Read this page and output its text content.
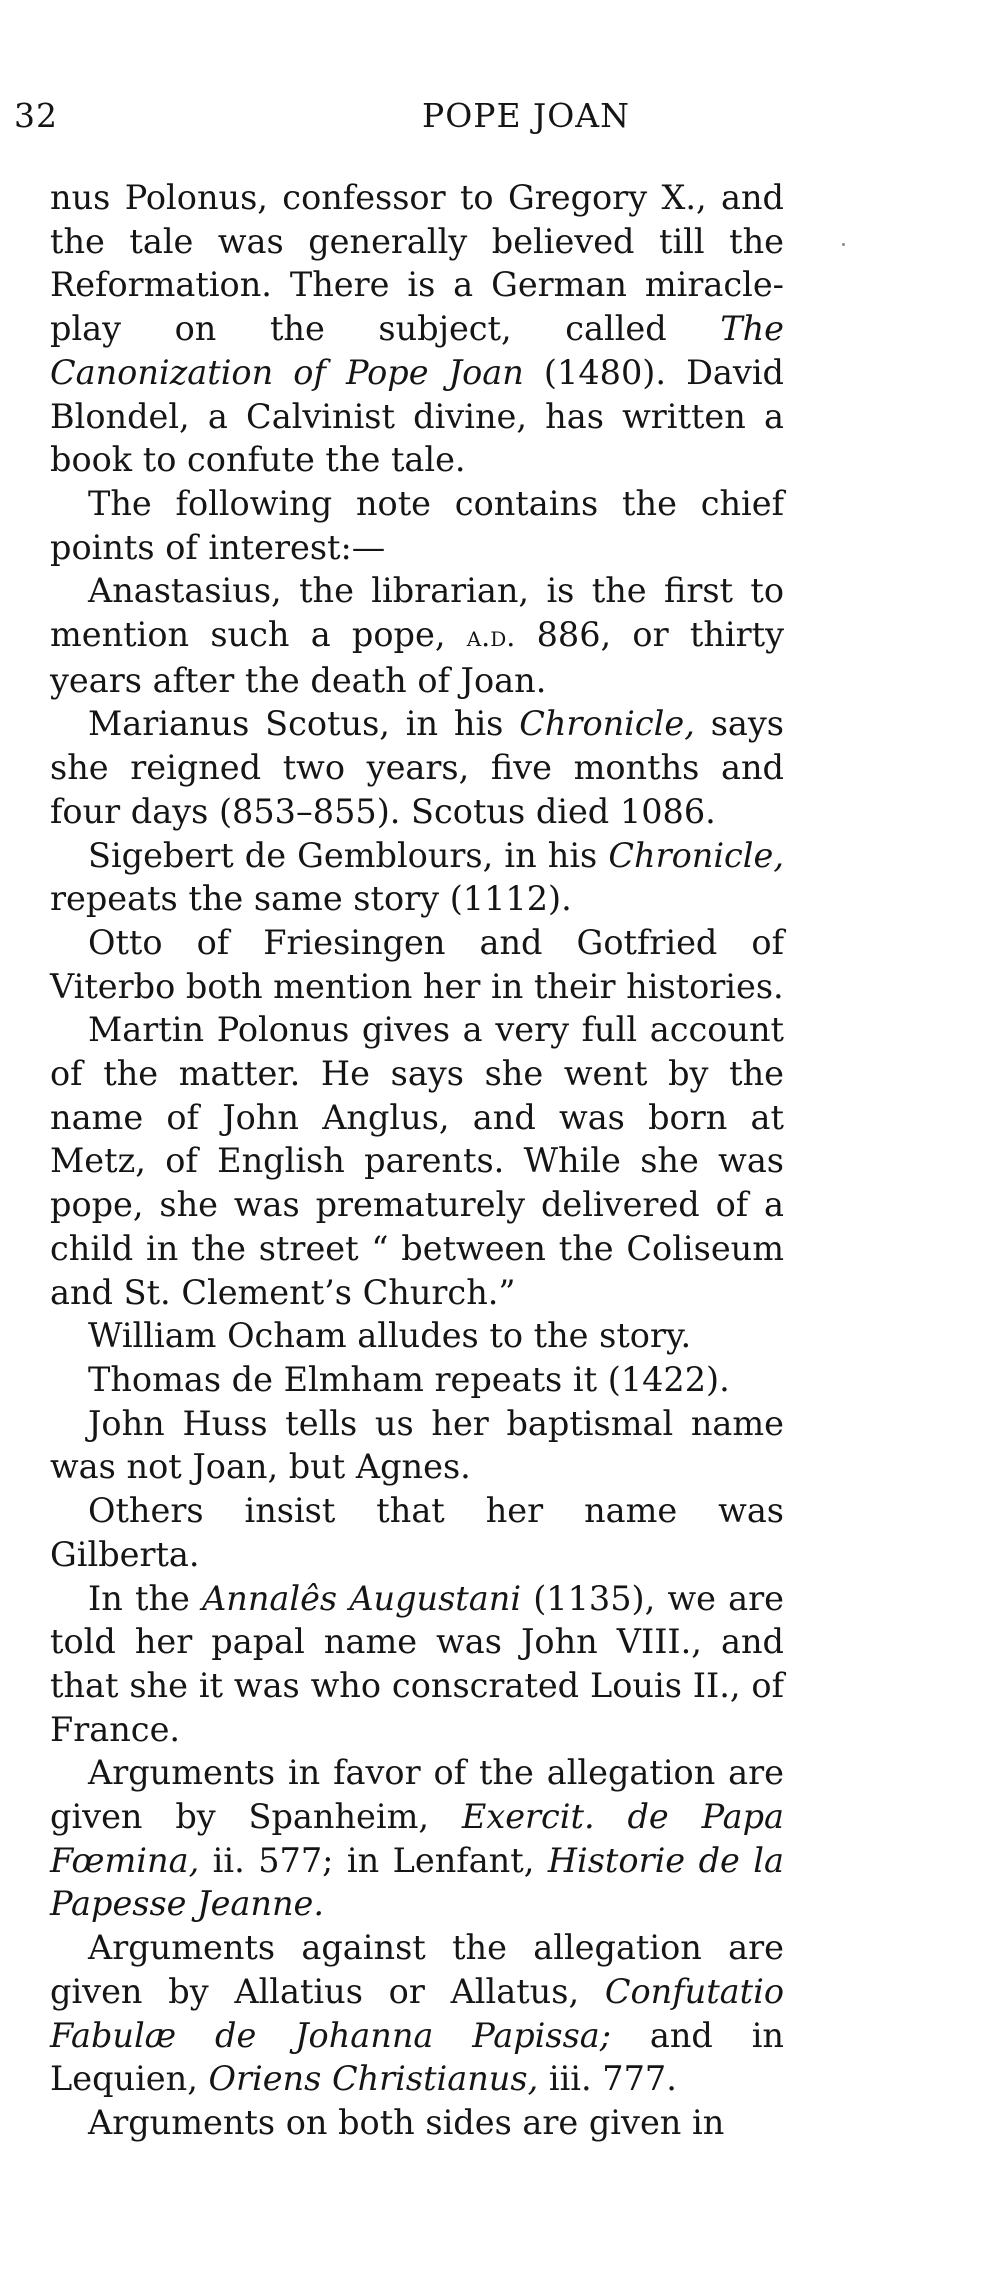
32	POPE JOAN

nus Polonus, confessor to Gregory X., and the tale was generally believed till the Reformation. There is a German miracle-play on the subject, called The Canonization of Pope Joan (1480). David Blondel, a Calvinist divine, has written a book to confute the tale.

The following note contains the chief points of interest:—

Anastasius, the librarian, is the first to mention such a pope, a.d. 886, or thirty years after the death of Joan.

Marianus Scotus, in his Chronicle, says she reigned two years, five months and four days (853–855). Scotus died 1086.

Sigebert de Gemblours, in his Chronicle, repeats the same story (1112).

Otto of Friesingen and Gotfried of Viterbo both mention her in their histories.

Martin Polonus gives a very full account of the matter. He says she went by the name of John Anglus, and was born at Metz, of English parents. While she was pope, she was prematurely delivered of a child in the street “ between the Coliseum and St. Clement’s Church.”

William Ocham alludes to the story.

Thomas de Elmham repeats it (1422).

John Huss tells us her baptismal name was not Joan, but Agnes.

Others insist that her name was Gilberta.

In the Annalês Augustani (1135), we are told her papal name was John VIII., and that she it was who conscrated Louis II., of France.

Arguments in favor of the allegation are given by Spanheim, Exercit. de Papa Fœmina, ii. 577; in Lenfant, Historie de la Papesse Jeanne.

Arguments against the allegation are given by Allatius or Allatus, Confutatio Fabulæ de Johanna Papissa; and in Lequien, Oriens Christianus, iii. 777.

Arguments on both sides are given in
